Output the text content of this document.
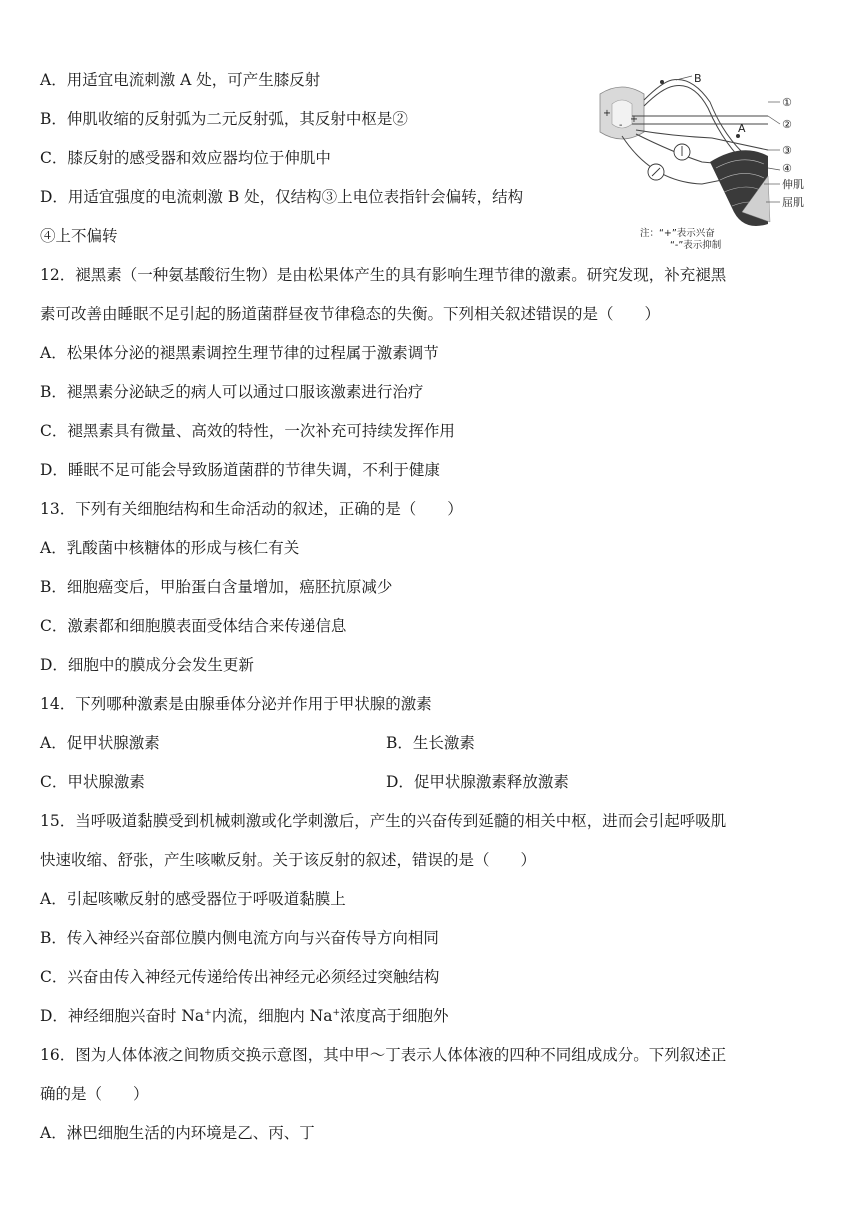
A．用适宜电流刺激 A 处，可产生膝反射
B．伸肌收缩的反射弧为二元反射弧，其反射中枢是②
C．膝反射的感受器和效应器均位于伸肌中
D．用适宜强度的电流刺激 B 处，仅结构③上电位表指针会偏转，结构
④上不偏转
+
+
-
B
A
①
②
③
④
伸肌
屈肌
注：“+”表示兴奋
“-”表示抑制
12．褪黑素（一种氨基酸衍生物）是由松果体产生的具有影响生理节律的激素。研究发现，补充褪黑
素可改善由睡眠不足引起的肠道菌群昼夜节律稳态的失衡。下列相关叙述错误的是（　　）
A．松果体分泌的褪黑素调控生理节律的过程属于激素调节
B．褪黑素分泌缺乏的病人可以通过口服该激素进行治疗
C．褪黑素具有微量、高效的特性，一次补充可持续发挥作用
D．睡眠不足可能会导致肠道菌群的节律失调，不利于健康
13．下列有关细胞结构和生命活动的叙述，正确的是（　　）
A．乳酸菌中核糖体的形成与核仁有关
B．细胞癌变后，甲胎蛋白含量增加，癌胚抗原减少
C．激素都和细胞膜表面受体结合来传递信息
D．细胞中的膜成分会发生更新
14．下列哪种激素是由腺垂体分泌并作用于甲状腺的激素
A．促甲状腺激素	B．生长激素
C．甲状腺激素	D．促甲状腺激素释放激素
15．当呼吸道黏膜受到机械刺激或化学刺激后，产生的兴奋传到延髓的相关中枢，进而会引起呼吸肌
快速收缩、舒张，产生咳嗽反射。关于该反射的叙述，错误的是（　　）
A．引起咳嗽反射的感受器位于呼吸道黏膜上
B．传入神经兴奋部位膜内侧电流方向与兴奋传导方向相同
C．兴奋由传入神经元传递给传出神经元必须经过突触结构
D．神经细胞兴奋时 Na+内流，细胞内 Na+浓度高于细胞外
16．图为人体体液之间物质交换示意图，其中甲～丁表示人体体液的四种不同组成成分。下列叙述正
确的是（　　）
A．淋巴细胞生活的内环境是乙、丙、丁
